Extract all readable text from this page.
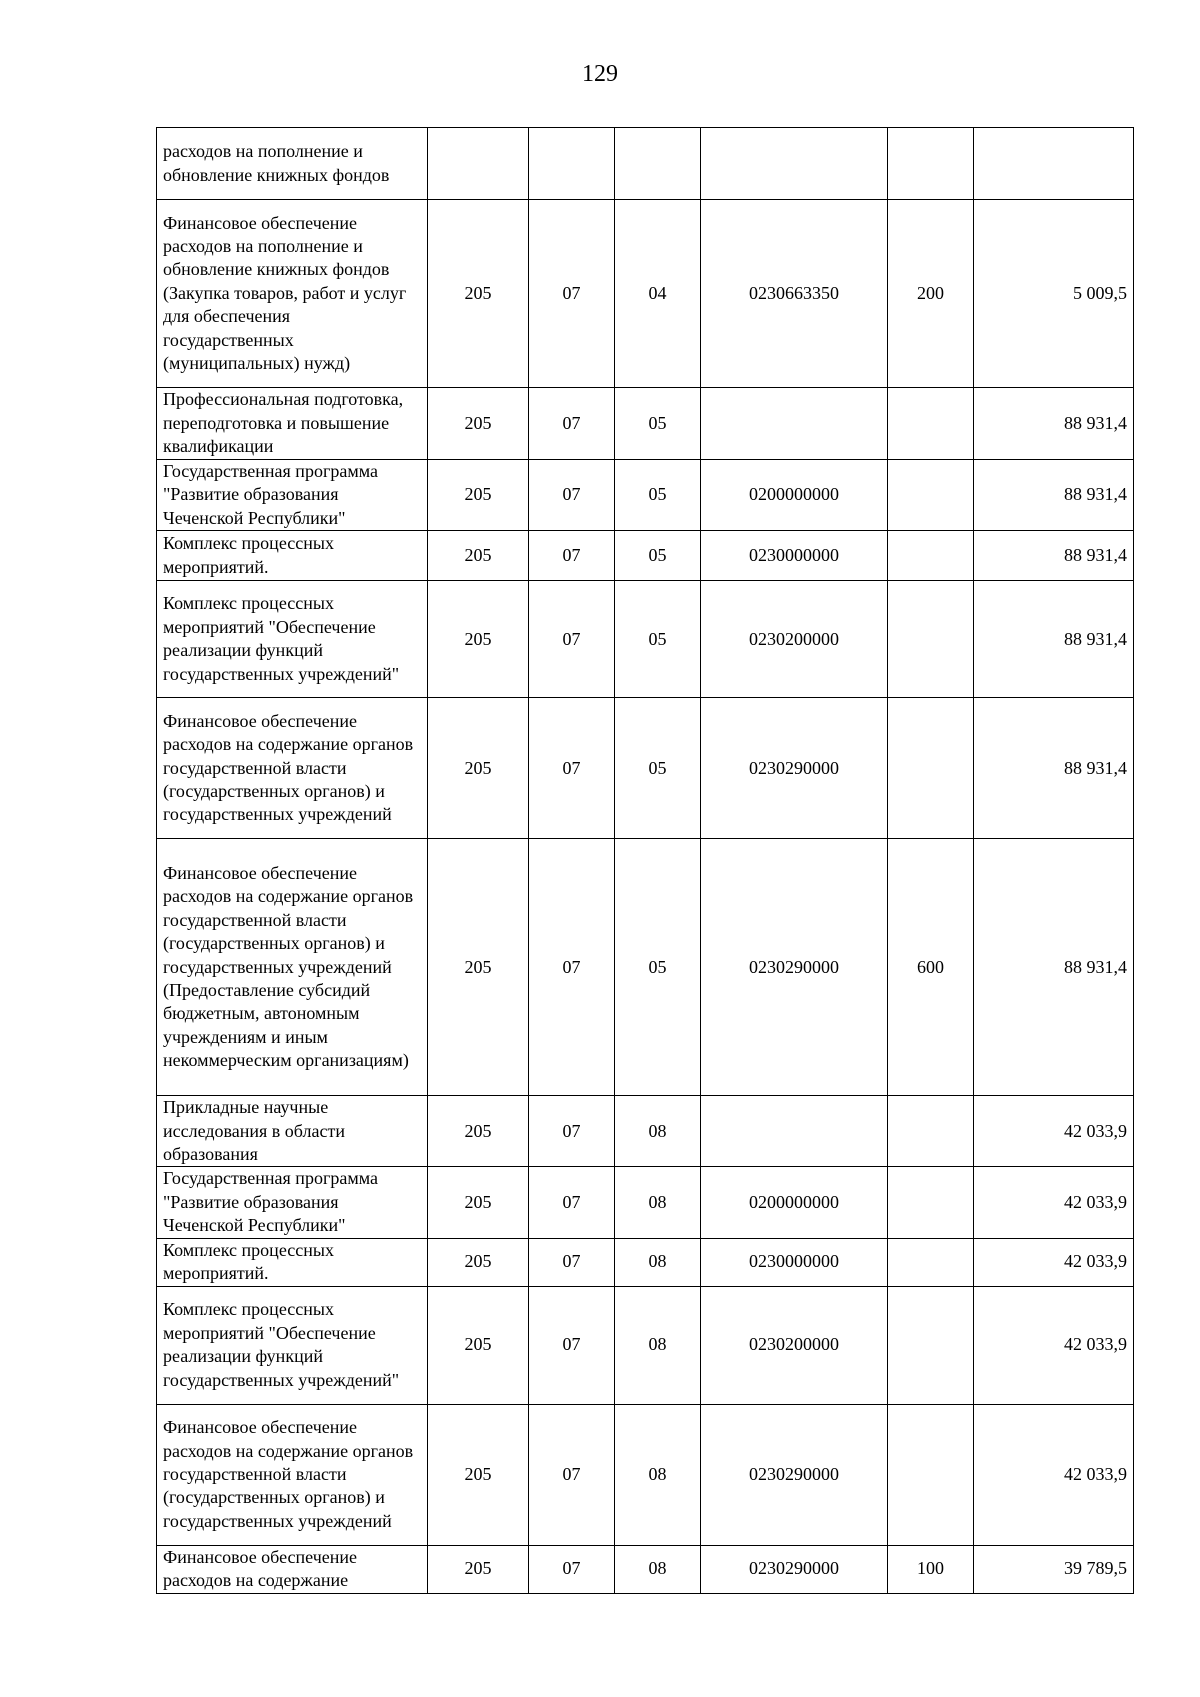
129
расходов на пополнение и обновление книжных фондов						
Финансовое обеспечение расходов на пополнение и обновление книжных фондов (Закупка товаров, работ и услуг для обеспечения государственных (муниципальных) нужд)	205	07	04	0230663350	200	5 009,5
Профессиональная подготовка, переподготовка и повышение квалификации	205	07	05			88 931,4
Государственная программа "Развитие образования Чеченской Республики"	205	07	05	0200000000		88 931,4
Комплекс процессных мероприятий.	205	07	05	0230000000		88 931,4
Комплекс процессных мероприятий "Обеспечение реализации функций государственных учреждений"	205	07	05	0230200000		88 931,4
Финансовое обеспечение расходов на содержание органов государственной власти (государственных органов) и государственных учреждений	205	07	05	0230290000		88 931,4
Финансовое обеспечение расходов на содержание органов государственной власти (государственных органов) и государственных учреждений (Предоставление субсидий бюджетным, автономным учреждениям и иным некоммерческим организациям)	205	07	05	0230290000	600	88 931,4
Прикладные научные исследования в области образования	205	07	08			42 033,9
Государственная программа "Развитие образования Чеченской Республики"	205	07	08	0200000000		42 033,9
Комплекс процессных мероприятий.	205	07	08	0230000000		42 033,9
Комплекс процессных мероприятий "Обеспечение реализации функций государственных учреждений"	205	07	08	0230200000		42 033,9
Финансовое обеспечение расходов на содержание органов государственной власти (государственных органов) и государственных учреждений	205	07	08	0230290000		42 033,9
Финансовое обеспечение расходов на содержание	205	07	08	0230290000	100	39 789,5
